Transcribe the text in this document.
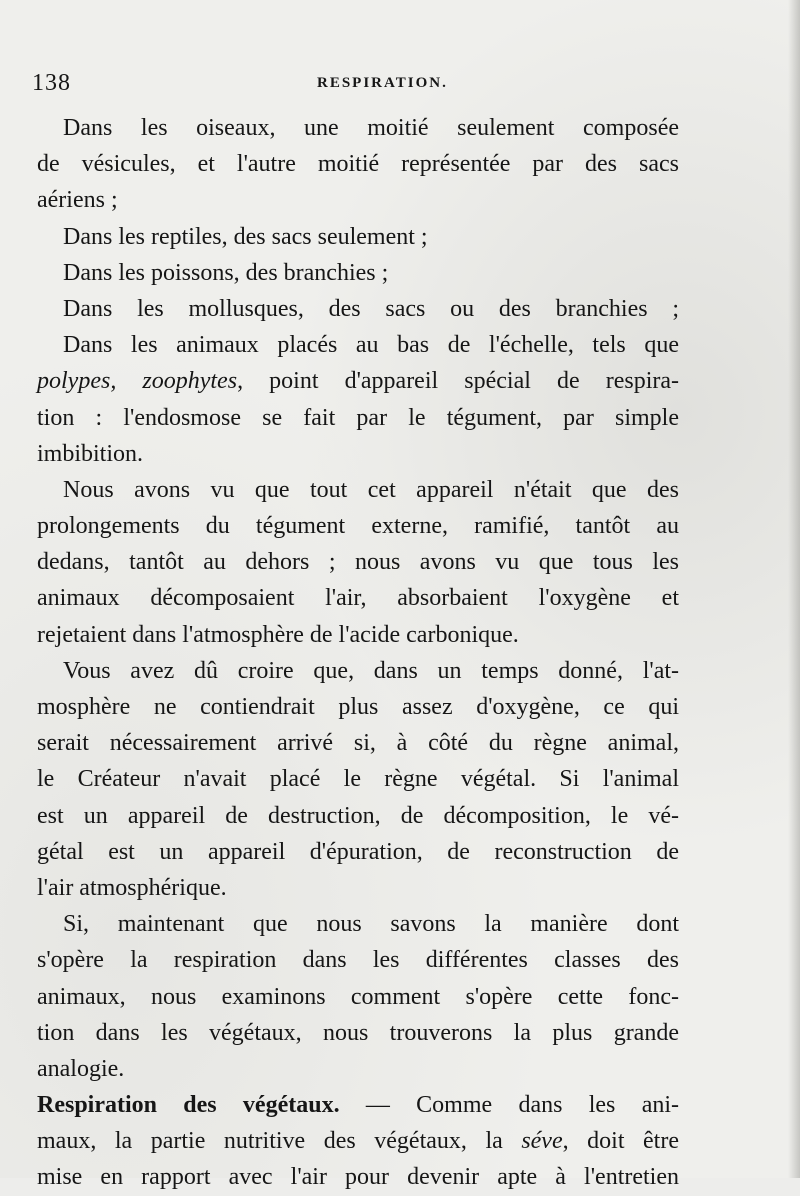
138	RESPIRATION.
Dans les oiseaux, une moitié seulement composée
de vésicules, et l'autre moitié représentée par des sacs
aériens ;
Dans les reptiles, des sacs seulement ;
Dans les poissons, des branchies ;
Dans les mollusques, des sacs ou des branchies ;
Dans les animaux placés au bas de l'échelle, tels que
polypes, zoophytes, point d'appareil spécial de respira-
tion : l'endosmose se fait par le tégument, par simple
imbibition.
Nous avons vu que tout cet appareil n'était que des
prolongements du tégument externe, ramifié, tantôt au
dedans, tantôt au dehors ; nous avons vu que tous les
animaux décomposaient l'air, absorbaient l'oxygène et
rejetaient dans l'atmosphère de l'acide carbonique.
Vous avez dû croire que, dans un temps donné, l'at-
mosphère ne contiendrait plus assez d'oxygène, ce qui
serait nécessairement arrivé si, à côté du règne animal,
le Créateur n'avait placé le règne végétal. Si l'animal
est un appareil de destruction, de décomposition, le vé-
gétal est un appareil d'épuration, de reconstruction de
l'air atmosphérique.
Si, maintenant que nous savons la manière dont
s'opère la respiration dans les différentes classes des
animaux, nous examinons comment s'opère cette fonc-
tion dans les végétaux, nous trouverons la plus grande
analogie.
Respiration des végétaux. — Comme dans les ani-
maux, la partie nutritive des végétaux, la séve, doit être
mise en rapport avec l'air pour devenir apte à l'entretien
